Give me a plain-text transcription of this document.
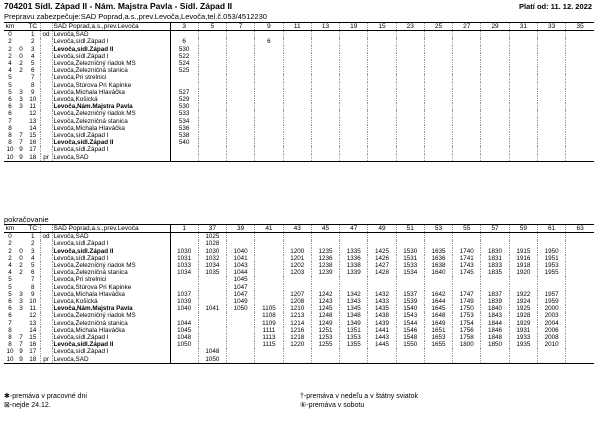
704201 Sídl. Západ II - Nám. Majstra Pavla - Sídl. Západ II	Platí od: 11. 12. 2022
Prepravu zabezpečuje:SAD Poprad,a.s.,prev.Levoča,Levoča,tel.č.053/4512230
km		TČ		SAD Poprad,a.s.,prev.Levoča	3	5	7	9	11	13	19	15	23	25	27	29	31	33	35
0		1	od	Levoča,SAD															
2		2		Levoča,sídl.Západ I	6			6											
2	0	3		Levoča,sídl.Západ II	530														
2	0	4		Levoča,sídl.Západ I	522														
4	2	5		Levoča,Železničný riadok MŠ	524														
4	2	6		Levoča,Železničná stanica	525														
5		7		Levoča,Pri strelnici															
5		8		Levoča,Štúrova Pri Kapinke															
5	3	9		Levoča,Michala Hlaváčka	527														
6	3	10		Levoča,Košická	529														
6	3	11		Levoča,Nám.Majstra Pavla	530														
6		12		Levoča,Železničný riadok MŠ	533														
7		13		Levoča,Železničná stanica	534														
8		14		Levoča,Michala Hlaváčka	536														
8	7	15		Levoča,sídl.Západ I	538														
8	7	16		Levoča,sídl.Západ II	540														
10	9	17		Levoča,sídl.Západ I															
10	9	18	pr	Levoča,SAD															
pokračovanie
km		TČ		SAD Poprad,a.s.,prev.Levoča	1	37	39	41	43	45	47	49	51	53	55	57	59	61	63
0		1	od	Levoča,SAD		1025													
2		2		Levoča,sídl.Západ I		1028													
2	0	3		Levoča,sídl.Západ II	1030	1030	1040		1200	1235	1335	1425	1530	1635	1740	1830	1915	1950	
2	0	4		Levoča,sídl.Západ I	1031	1032	1041		1201	1236	1336	1426	1531	1636	1741	1831	1916	1951	
4	2	5		Levoča,Železničný riadok MŠ	1033	1034	1043		1202	1238	1338	1427	1533	1638	1743	1833	1918	1953	
4	2	6		Levoča,Železničná stanica	1034	1035	1044		1203	1239	1339	1428	1534	1640	1745	1835	1920	1955	
5		7		Levoča,Pri strelnici			1045												
5		8		Levoča,Štúrova Pri Kapinke			1047												
5	3	9		Levoča,Michala Hlaváčka	1037		1047		1207	1242	1342	1432	1537	1642	1747	1837	1922	1957	
6	3	10		Levoča,Košická	1039		1049		1208	1243	1343	1433	1539	1644	1749	1839	1924	1959	
6	3	11		Levoča,Nám.Majstra Pavla	1040	1041	1050	1105	1210	1245	1345	1435	1540	1645	1750	1840	1925	2000	
6		12		Levoča,Železničný riadok MŠ				1108	1213	1248	1348	1438	1543	1648	1753	1843	1928	2003	
7		13		Levoča,Železničná stanica	1044			1109	1214	1249	1349	1439	1544	1649	1754	1844	1929	2004	
8		14		Levoča,Michala Hlaváčka	1045			1111	1216	1251	1351	1441	1546	1651	1756	1846	1931	2006	
8	7	15		Levoča,sídl.Západ I	1048			1113	1218	1253	1353	1443	1548	1653	1758	1848	1933	2008	
8	7	16		Levoča,sídl.Západ II	1050			1115	1220	1255	1355	1445	1550	1655	1800	1850	1935	2010	
10	9	17		Levoča,sídl.Západ I		1048													
10	9	18	pr	Levoča,SAD		1050													
✱-premáva v pracovné dni
⊠-nejde 24.12.
†-premáva v nedeľu a v štátny sviatok
⑥-premáva v sobotu
